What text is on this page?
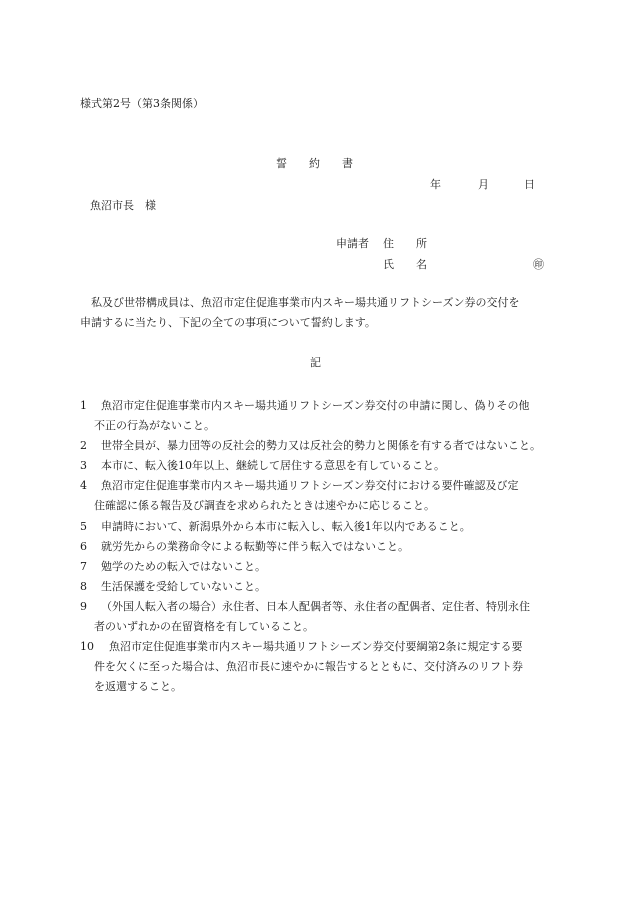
様式第2号（第3条関係）
誓　　約　　書
年	月	日
魚沼市長　様
申請者 住　　所
氏　　名	㊞
私及び世帯構成員は、魚沼市定住促進事業市内スキー場共通リフトシーズン券の交付を
申請するに当たり、下記の全ての事項について誓約します。
記
1	魚沼市定住促進事業市内スキー場共通リフトシーズン券交付の申請に関し、偽りその他
不正の行為がないこと。
2	世帯全員が、暴力団等の反社会的勢力又は反社会的勢力と関係を有する者ではないこと。
3	本市に、転入後10年以上、継続して居住する意思を有していること。
4	魚沼市定住促進事業市内スキー場共通リフトシーズン券交付における要件確認及び定
住確認に係る報告及び調査を求められたときは速やかに応じること。
5	申請時において、新潟県外から本市に転入し、転入後1年以内であること。
6	就労先からの業務命令による転勤等に伴う転入ではないこと。
7	勉学のための転入ではないこと。
8	生活保護を受給していないこと。
9	（外国人転入者の場合）永住者、日本人配偶者等、永住者の配偶者、定住者、特別永住
者のいずれかの在留資格を有していること。
10	魚沼市定住促進事業市内スキー場共通リフトシーズン券交付要綱第2条に規定する要
件を欠くに至った場合は、魚沼市長に速やかに報告するとともに、交付済みのリフト券
を返還すること。
